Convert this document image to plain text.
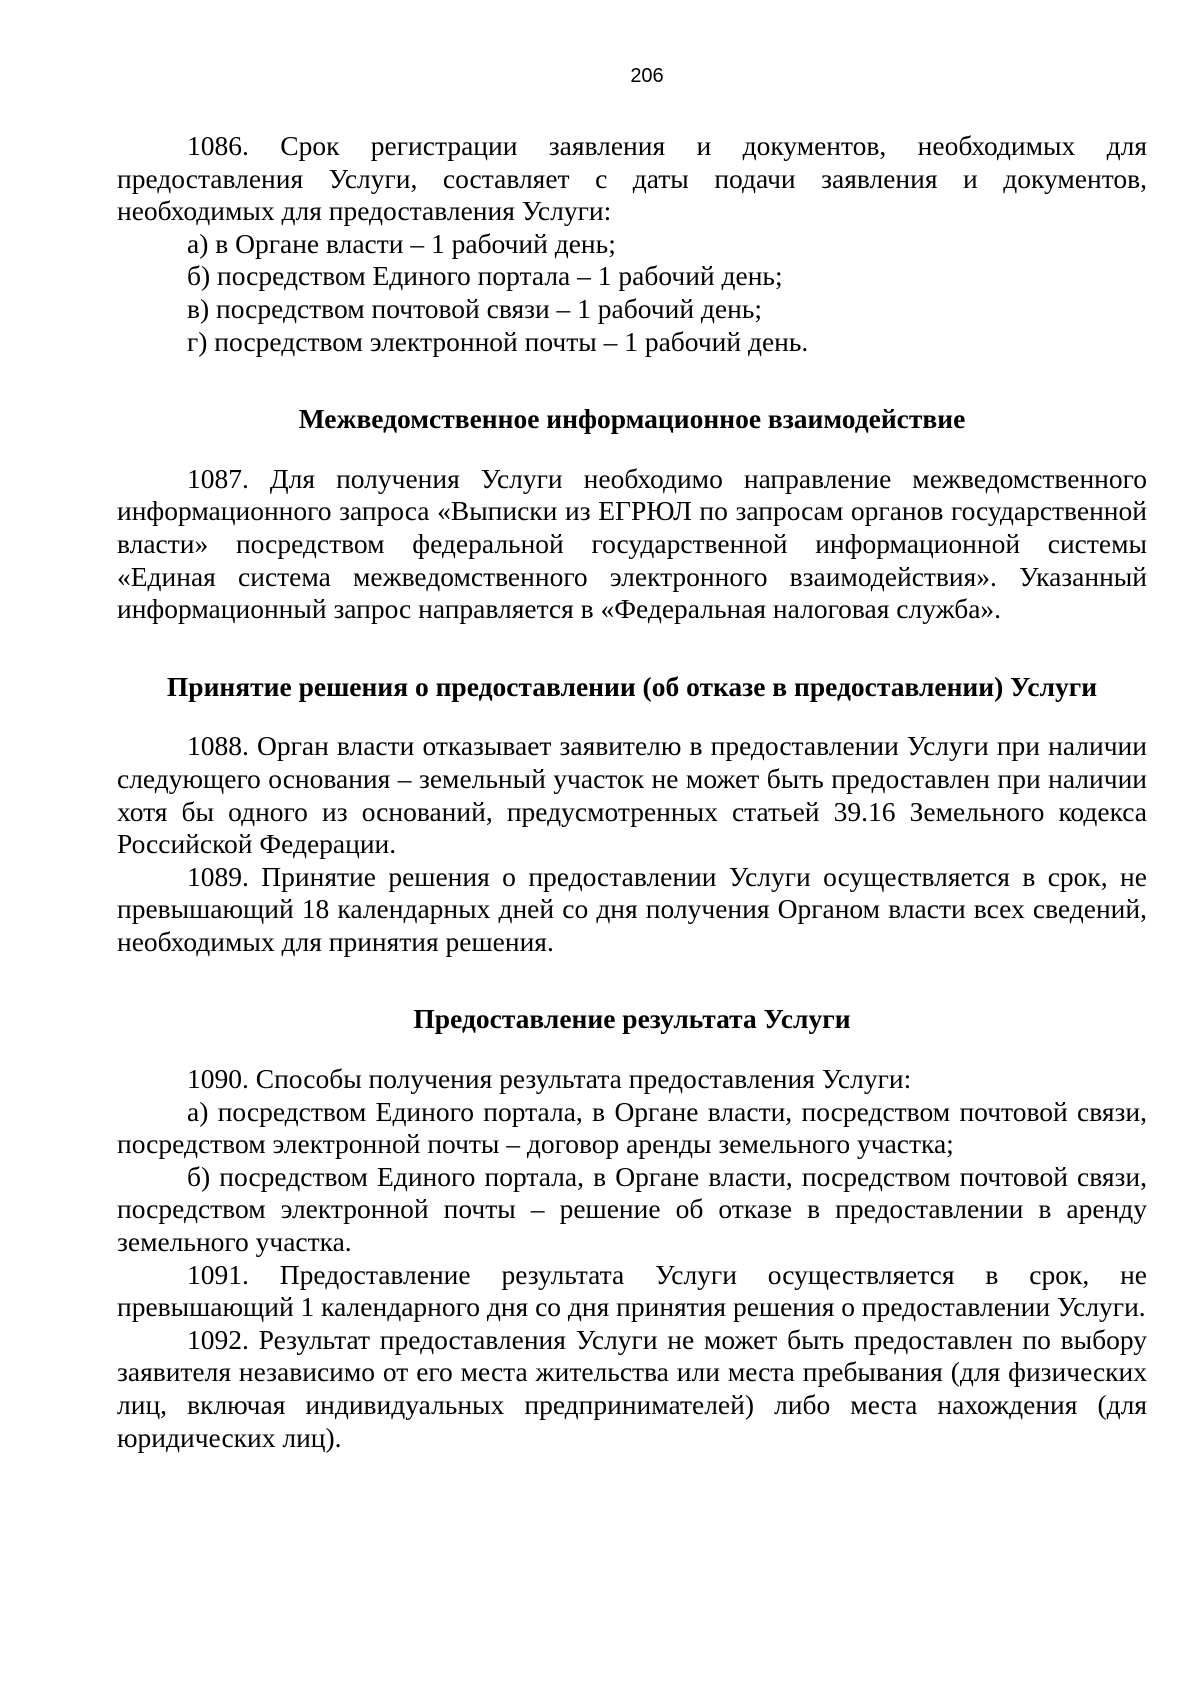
206

1086. Срок регистрации заявления и документов, необходимых для предоставления Услуги, составляет с даты подачи заявления и документов, необходимых для предоставления Услуги:

а) в Органе власти – 1 рабочий день;

б) посредством Единого портала – 1 рабочий день;

в) посредством почтовой связи – 1 рабочий день;

г) посредством электронной почты – 1 рабочий день.

Межведомственное информационное взаимодействие

1087. Для получения Услуги необходимо направление межведомственного информационного запроса «Выписки из ЕГРЮЛ по запросам органов государственной власти» посредством федеральной государственной информационной системы «Единая система межведомственного электронного взаимодействия». Указанный информационный запрос направляется в «Федеральная налоговая служба».

Принятие решения о предоставлении (об отказе в предоставлении) Услуги

1088. Орган власти отказывает заявителю в предоставлении Услуги при наличии следующего основания – земельный участок не может быть предоставлен при наличии хотя бы одного из оснований, предусмотренных статьей 39.16 Земельного кодекса Российской Федерации.

1089. Принятие решения о предоставлении Услуги осуществляется в срок, не превышающий 18 календарных дней со дня получения Органом власти всех сведений, необходимых для принятия решения.

Предоставление результата Услуги

1090. Способы получения результата предоставления Услуги:

а) посредством Единого портала, в Органе власти, посредством почтовой связи, посредством электронной почты – договор аренды земельного участка;

б) посредством Единого портала, в Органе власти, посредством почтовой связи, посредством электронной почты – решение об отказе в предоставлении в аренду земельного участка.

1091. Предоставление результата Услуги осуществляется в срок, не превышающий 1 календарного дня со дня принятия решения о предоставлении Услуги.

1092. Результат предоставления Услуги не может быть предоставлен по выбору заявителя независимо от его места жительства или места пребывания (для физических лиц, включая индивидуальных предпринимателей) либо места нахождения (для юридических лиц).
